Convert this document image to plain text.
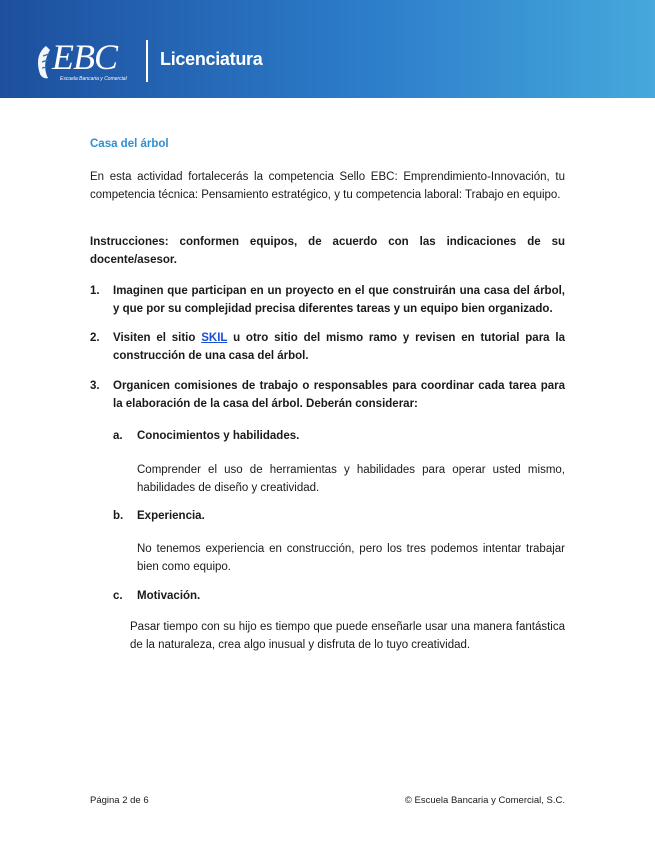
EBC
Escuela Bancaria y Comercial
Licenciatura
Casa del árbol
En esta actividad fortalecerás la competencia Sello EBC: Emprendimiento-Innovación, tu competencia técnica: Pensamiento estratégico, y tu competencia laboral: Trabajo en equipo.
Instrucciones: conformen equipos, de acuerdo con las indicaciones de su docente/asesor.
1. Imaginen que participan en un proyecto en el que construirán una casa del árbol, y que por su complejidad precisa diferentes tareas y un equipo bien organizado.
2. Visiten el sitio SKIL u otro sitio del mismo ramo y revisen en tutorial para la construcción de una casa del árbol.
3. Organicen comisiones de trabajo o responsables para coordinar cada tarea para la elaboración de la casa del árbol. Deberán considerar:
a. Conocimientos y habilidades.
Comprender el uso de herramientas y habilidades para operar usted mismo, habilidades de diseño y creatividad.
b. Experiencia.
No tenemos experiencia en construcción, pero los tres podemos intentar trabajar bien como equipo.
c. Motivación.
Pasar tiempo con su hijo es tiempo que puede enseñarle usar una manera fantástica de la naturaleza, crea algo inusual y disfruta de lo tuyo creatividad.
Página 2 de 6	© Escuela Bancaria y Comercial, S.C.
